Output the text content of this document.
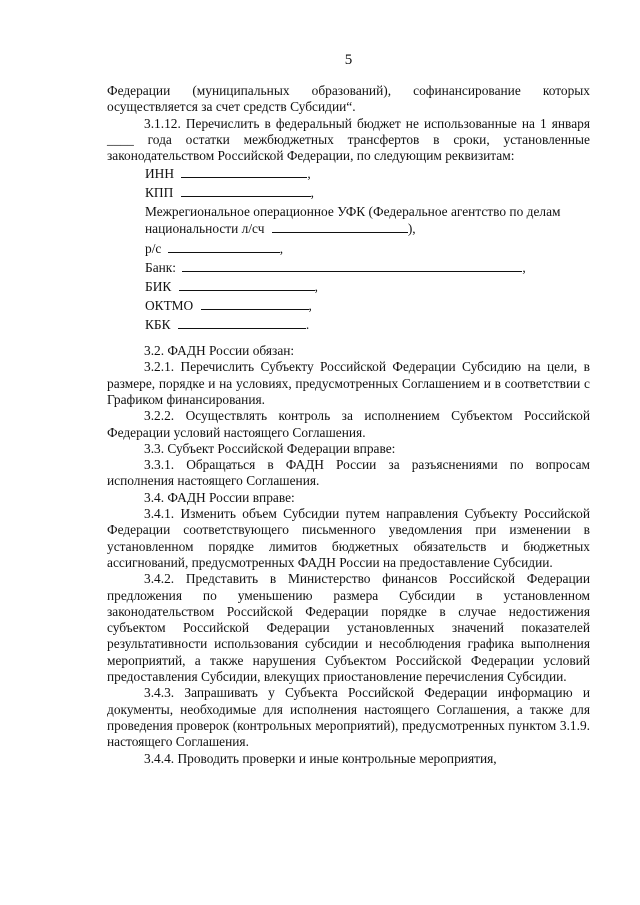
5

Федерации (муниципальных образований), софинансирование которых осуществляется за счет средств Субсидии“.

3.1.12. Перечислить в федеральный бюджет не использованные на 1 января ____ года остатки межбюджетных трансфертов в сроки, установленные законодательством Российской Федерации, по следующим реквизитам:

ИНН	,
КПП	,
Межрегиональное операционное УФК (Федеральное агентство по делам национальности л/сч	),
р/с	,
Банк:	,
БИК	,
ОКТМО	,
КБК	.

3.2. ФАДН России обязан:

3.2.1. Перечислить Субъекту Российской Федерации Субсидию на цели, в размере, порядке и на условиях, предусмотренных Соглашением и в соответствии с Графиком финансирования.

3.2.2. Осуществлять контроль за исполнением Субъектом Российской Федерации условий настоящего Соглашения.

3.3. Субъект Российской Федерации вправе:

3.3.1. Обращаться в ФАДН России за разъяснениями по вопросам исполнения настоящего Соглашения.

3.4. ФАДН России вправе:

3.4.1. Изменить объем Субсидии путем направления Субъекту Российской Федерации соответствующего письменного уведомления при изменении в установленном порядке лимитов бюджетных обязательств и бюджетных ассигнований, предусмотренных ФАДН России на предоставление Субсидии.

3.4.2. Представить в Министерство финансов Российской Федерации предложения по уменьшению размера Субсидии в установленном законодательством Российской Федерации порядке в случае недостижения субъектом Российской Федерации установленных значений показателей результативности использования субсидии и несоблюдения графика выполнения мероприятий, а также нарушения Субъектом Российской Федерации условий предоставления Субсидии, влекущих приостановление перечисления Субсидии.

3.4.3. Запрашивать у Субъекта Российской Федерации информацию и документы, необходимые для исполнения настоящего Соглашения, а также для проведения проверок (контрольных мероприятий), предусмотренных пунктом 3.1.9. настоящего Соглашения.

3.4.4. Проводить проверки и иные контрольные мероприятия,
